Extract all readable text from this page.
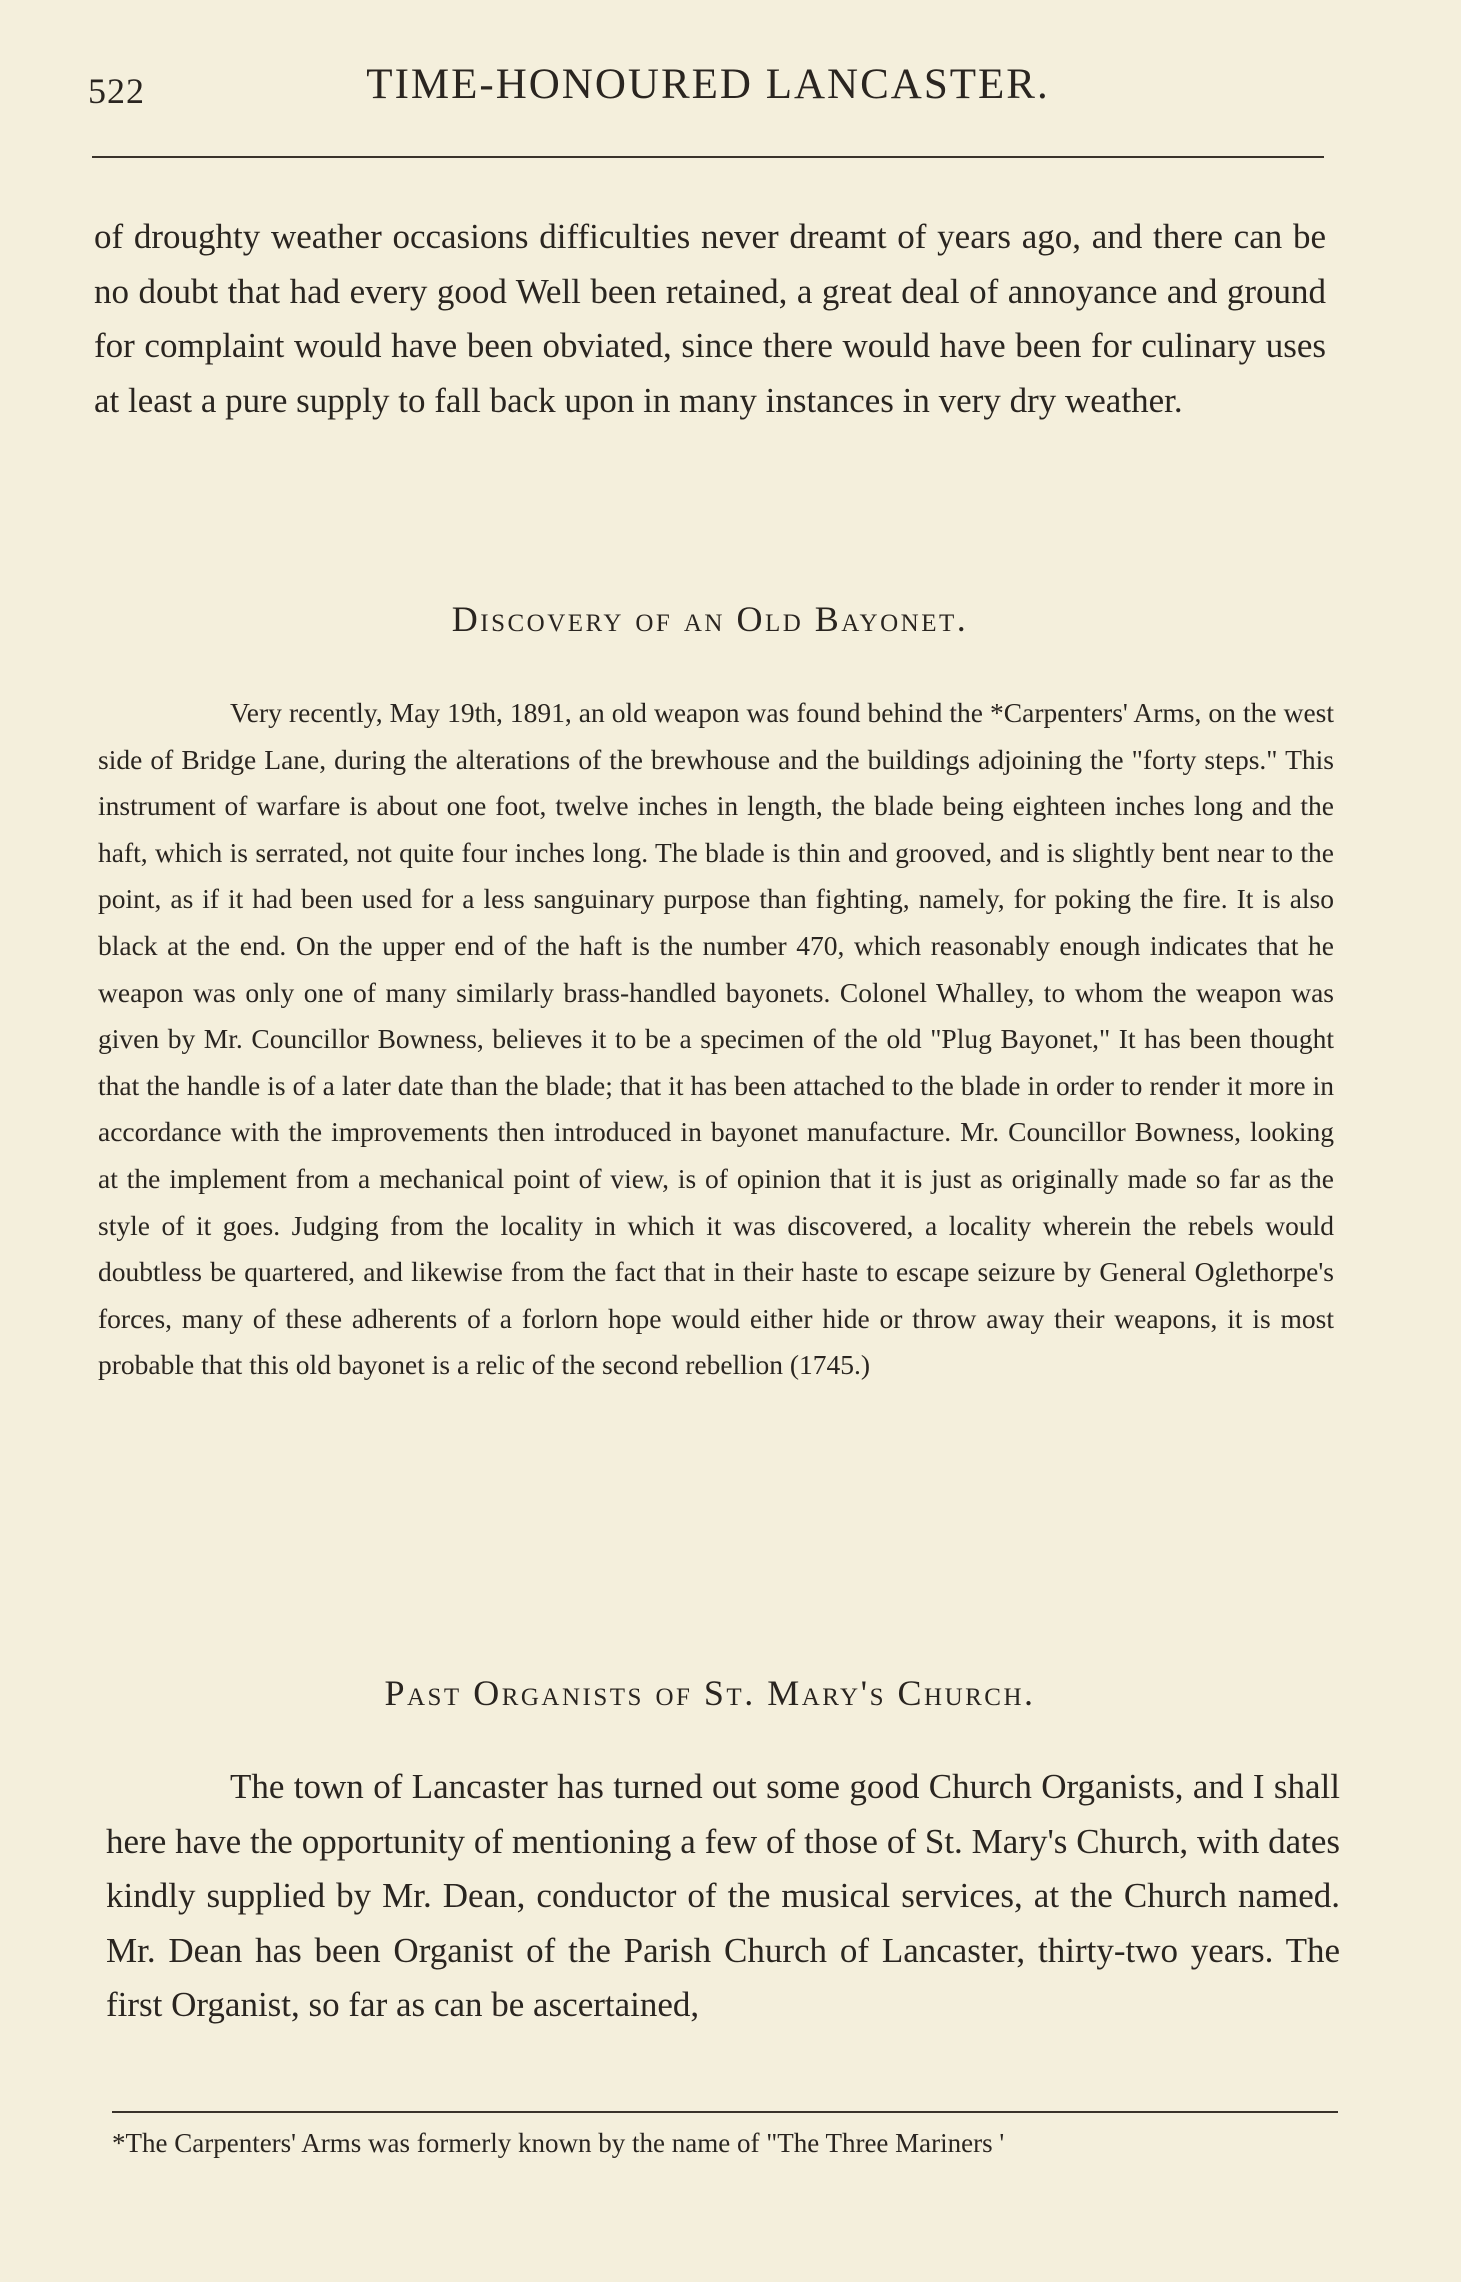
522	TIME-HONOURED LANCASTER.

of droughty weather occasions difficulties never dreamt of years ago, and there can be no doubt that had every good Well been retained, a great deal of annoyance and ground for complaint would have been obviated, since there would have been for culinary uses at least a pure supply to fall back upon in many instances in very dry weather.

Discovery of an Old Bayonet.

Very recently, May 19th, 1891, an old weapon was found behind the *Carpenters' Arms, on the west side of Bridge Lane, during the alterations of the brewhouse and the buildings adjoining the "forty steps." This instrument of warfare is about one foot, twelve inches in length, the blade being eighteen inches long and the haft, which is serrated, not quite four inches long. The blade is thin and grooved, and is slightly bent near to the point, as if it had been used for a less sanguinary purpose than fighting, namely, for poking the fire. It is also black at the end. On the upper end of the haft is the number 470, which reasonably enough indicates that he weapon was only one of many similarly brass-handled bayonets. Colonel Whalley, to whom the weapon was given by Mr. Councillor Bowness, believes it to be a specimen of the old "Plug Bayonet," It has been thought that the handle is of a later date than the blade; that it has been attached to the blade in order to render it more in accordance with the improvements then introduced in bayonet manufacture. Mr. Councillor Bowness, looking at the implement from a mechanical point of view, is of opinion that it is just as originally made so far as the style of it goes. Judging from the locality in which it was discovered, a locality wherein the rebels would doubtless be quartered, and likewise from the fact that in their haste to escape seizure by General Oglethorpe's forces, many of these adherents of a forlorn hope would either hide or throw away their weapons, it is most probable that this old bayonet is a relic of the second rebellion (1745.)

Past Organists of St. Mary's Church.

The town of Lancaster has turned out some good Church Organists, and I shall here have the opportunity of mentioning a few of those of St. Mary's Church, with dates kindly supplied by Mr. Dean, conductor of the musical services, at the Church named. Mr. Dean has been Organist of the Parish Church of Lancaster, thirty-two years. The first Organist, so far as can be ascertained,

*The Carpenters' Arms was formerly known by the name of "The Three Mariners '
